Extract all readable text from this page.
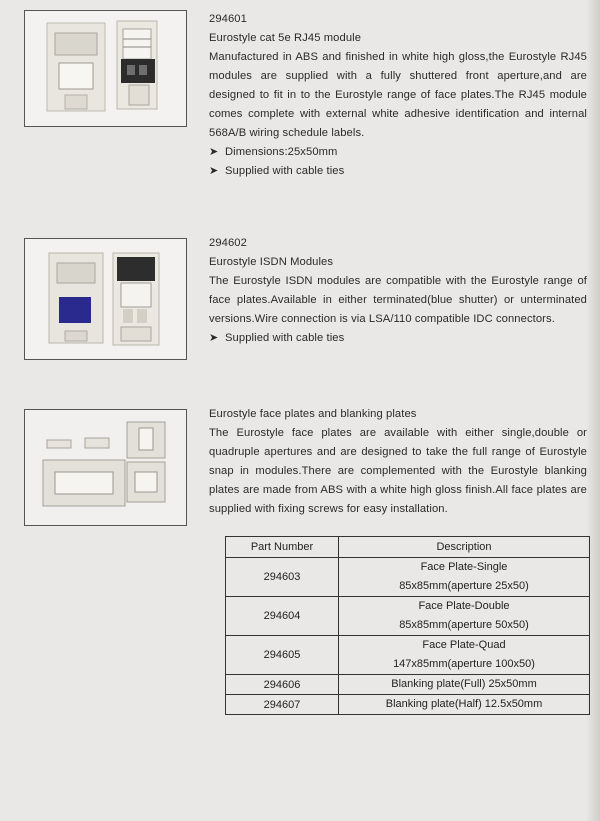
294601
Eurostyle cat 5e RJ45 module

Manufactured in ABS and finished in white high gloss,the Eurostyle RJ45 modules are supplied with a fully shuttered front aperture,and are designed to fit in to the Eurostyle range of face plates.The RJ45 module comes complete with external white adhesive identification and internal 568A/B wiring schedule labels.

➤ Dimensions:25x50mm
➤ Supplied with cable ties
294602
Eurostyle ISDN Modules

The Eurostyle ISDN modules are compatible with the Eurostyle range of face plates.Available in either terminated(blue shutter) or unterminated versions.Wire connection is via LSA/110 compatible IDC connectors.

➤ Supplied with cable ties
Eurostyle face plates and blanking plates

The Eurostyle face plates are available with either single,double or quadruple apertures and are designed to take the full range of Eurostyle snap in modules.There are complemented with the Eurostyle blanking plates are made from ABS with a white high gloss finish.All face plates are supplied with fixing screws for easy installation.

Part Number	Description
294603	Face Plate-Single
85x85mm(aperture 25x50)

294604	Face Plate-Double
85x85mm(aperture 50x50)

294605	Face Plate-Quad
147x85mm(aperture 100x50)

294606	Blanking plate(Full) 25x50mm

294607	Blanking plate(Half) 12.5x50mm
